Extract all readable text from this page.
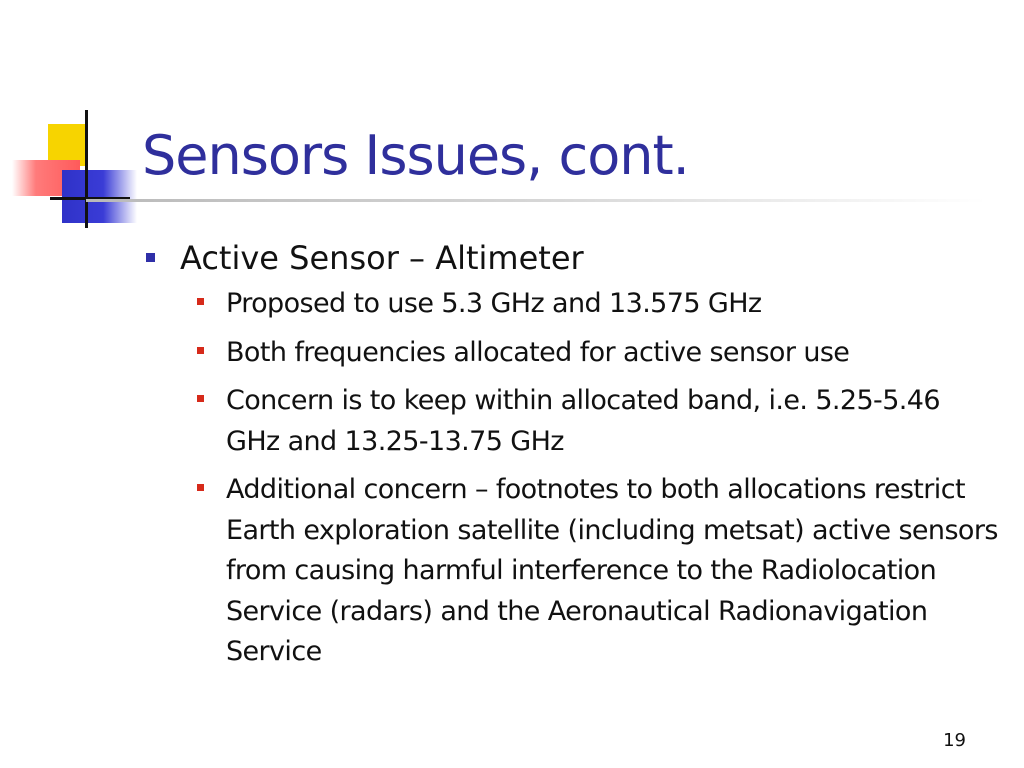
Sensors Issues, cont.
Active Sensor – Altimeter
Proposed to use 5.3 GHz and 13.575 GHz
Both frequencies allocated for active sensor use
Concern is to keep within allocated band, i.e. 5.25-5.46 GHz and 13.25-13.75 GHz
Additional concern – footnotes to both allocations restrict Earth exploration satellite (including metsat) active sensors from causing harmful interference to the Radiolocation Service (radars) and the Aeronautical Radionavigation Service
19
